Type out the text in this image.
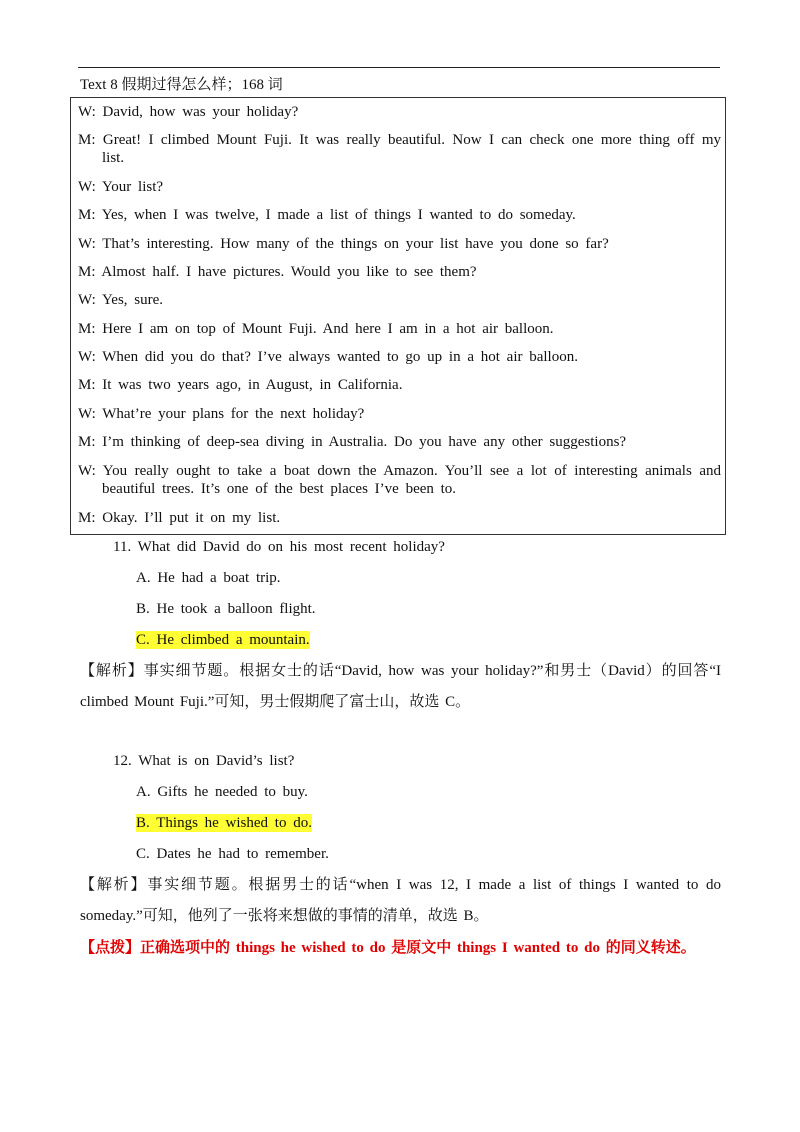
Text 8 假期过得怎么样；168 词
W: David, how was your holiday?
M: Great! I climbed Mount Fuji. It was really beautiful. Now I can check one more thing off my list.
W: Your list?
M: Yes, when I was twelve, I made a list of things I wanted to do someday.
W: That’s interesting. How many of the things on your list have you done so far?
M: Almost half. I have pictures. Would you like to see them?
W: Yes, sure.
M: Here I am on top of Mount Fuji. And here I am in a hot air balloon.
W: When did you do that? I’ve always wanted to go up in a hot air balloon.
M: It was two years ago, in August, in California.
W: What’re your plans for the next holiday?
M: I’m thinking of deep-sea diving in Australia. Do you have any other suggestions?
W: You really ought to take a boat down the Amazon. You’ll see a lot of interesting animals and beautiful trees. It’s one of the best places I’ve been to.
M: Okay. I’ll put it on my list.
11. What did David do on his most recent holiday?
A. He had a boat trip.
B. He took a balloon flight.
C. He climbed a mountain.
【解析】事实细节题。根据女士的话“David, how was your holiday?”和男士（David）的回答“I climbed Mount Fuji.”可知，男士假期爬了富士山，故选 C。
12. What is on David’s list?
A. Gifts he needed to buy.
B. Things he wished to do.
C. Dates he had to remember.
【解析】事实细节题。根据男士的话“when I was 12, I made a list of things I wanted to do someday.”可知，他列了一张将来想做的事情的清单，故选 B。
【点拨】正确选项中的 things he wished to do 是原文中 things I wanted to do 的同义转述。
